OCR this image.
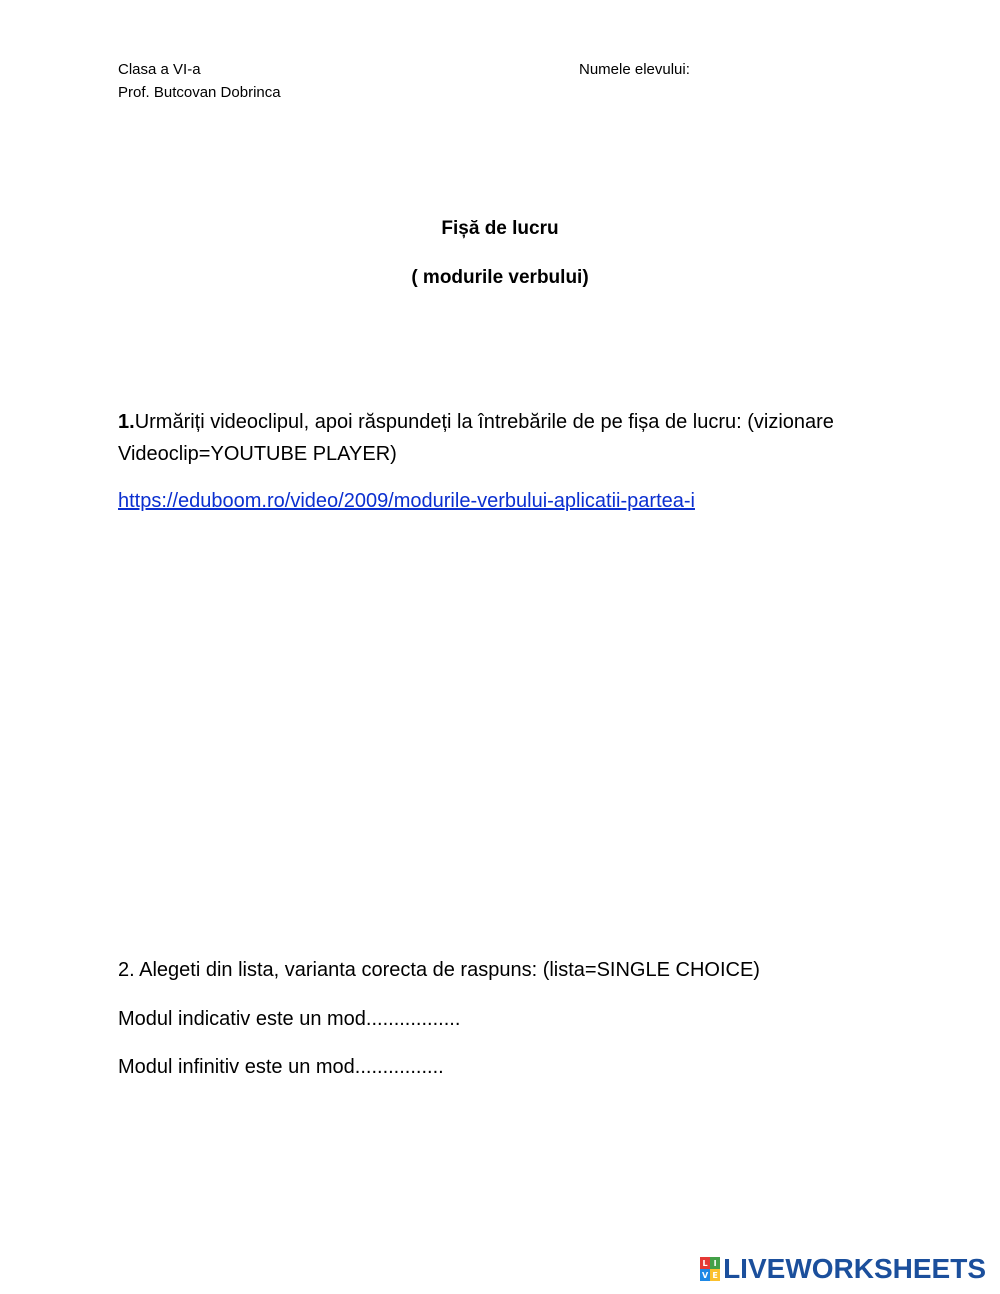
Clasa a VI-a
Prof. Butcovan Dobrinca
Numele elevului:
Fișă de lucru
( modurile verbului)
1.Urmăriți videoclipul, apoi răspundeți la întrebările de pe fișa de lucru: (vizionare
Videoclip=YOUTUBE PLAYER)
https://eduboom.ro/video/2009/modurile-verbului-aplicatii-partea-i
2. Alegeti din lista, varianta corecta de raspuns: (lista=SINGLE CHOICE)
Modul indicativ este un mod.................
Modul infinitiv este un mod................
L I
V E LIVEWORKSHEETS
